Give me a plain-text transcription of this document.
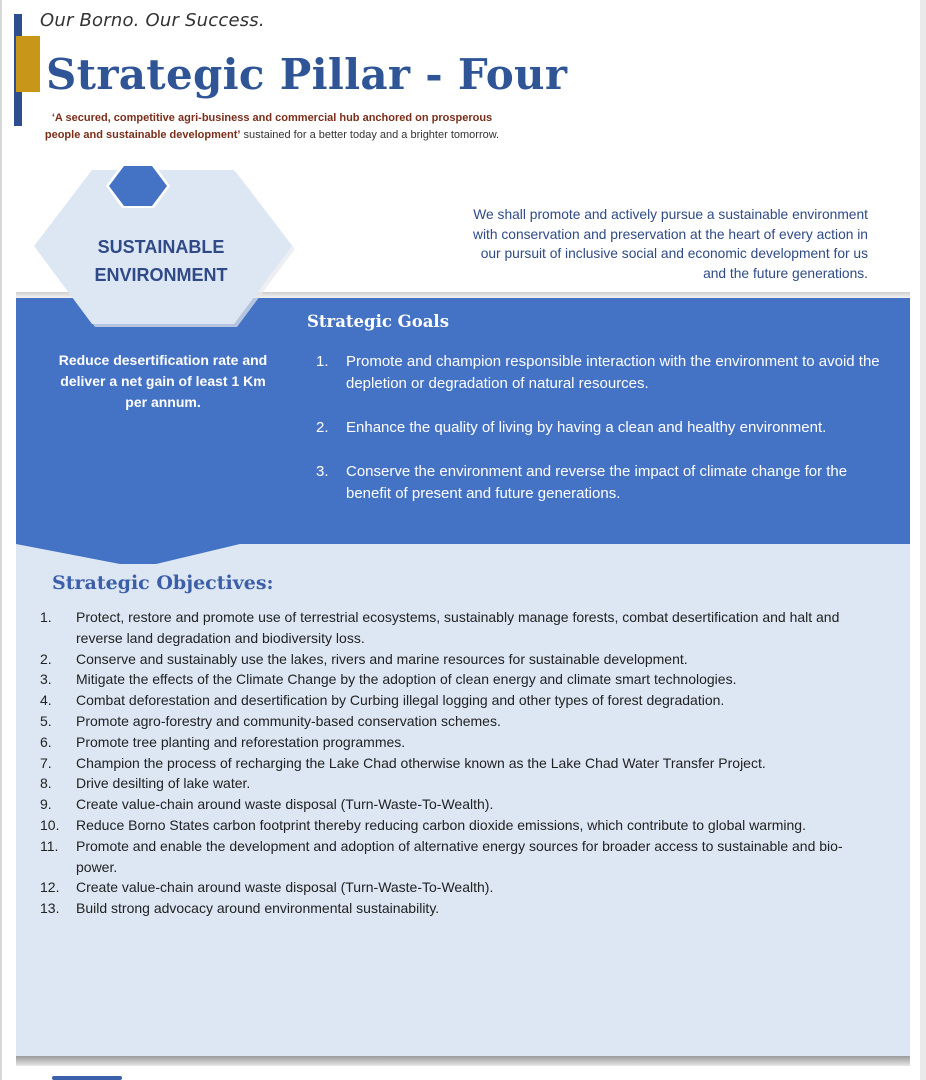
Our Borno. Our Success.
Strategic Pillar - Four

‘A secured, competitive agri-business and commercial hub anchored on prosperous people and sustainable development’ sustained for a better today and a brighter tomorrow.

We shall promote and actively pursue a sustainable environment with conservation and preservation at the heart of every action in our pursuit of inclusive social and economic development for us and the future generations.

Reduce desertification rate and deliver a net gain of least 1 Km per annum.
SUSTAINABLE
ENVIRONMENT
Strategic Goals
1. Promote and champion responsible interaction with the environment to avoid the depletion or degradation of natural resources.
2. Enhance the quality of living by having a clean and healthy environment.
3. Conserve the environment and reverse the impact of climate change for the benefit of present and future generations.
Strategic Objectives:
1.	Protect, restore and promote use of terrestrial ecosystems, sustainably manage forests, combat desertification and halt and reverse land degradation and biodiversity loss.
2.	Conserve and sustainably use the lakes, rivers and marine resources for sustainable development.
3.	Mitigate the effects of the Climate Change by the adoption of clean energy and climate smart technologies.
4.	Combat deforestation and desertification by Curbing illegal logging and other types of forest degradation.
5.	Promote agro-forestry and community-based conservation schemes.
6.	Promote tree planting and reforestation programmes.
7.	Champion the process of recharging the Lake Chad otherwise known as the Lake Chad Water Transfer Project.
8.	Drive desilting of lake water.
9.	Create value-chain around waste disposal (Turn-Waste-To-Wealth).
10.	Reduce Borno States carbon footprint thereby reducing carbon dioxide emissions, which contribute to global warming.
11.	Promote and enable the development and adoption of alternative energy sources for broader access to sustainable and bio-power.
12.	Create value-chain around waste disposal (Turn-Waste-To-Wealth).
13.	Build strong advocacy around environmental sustainability.
